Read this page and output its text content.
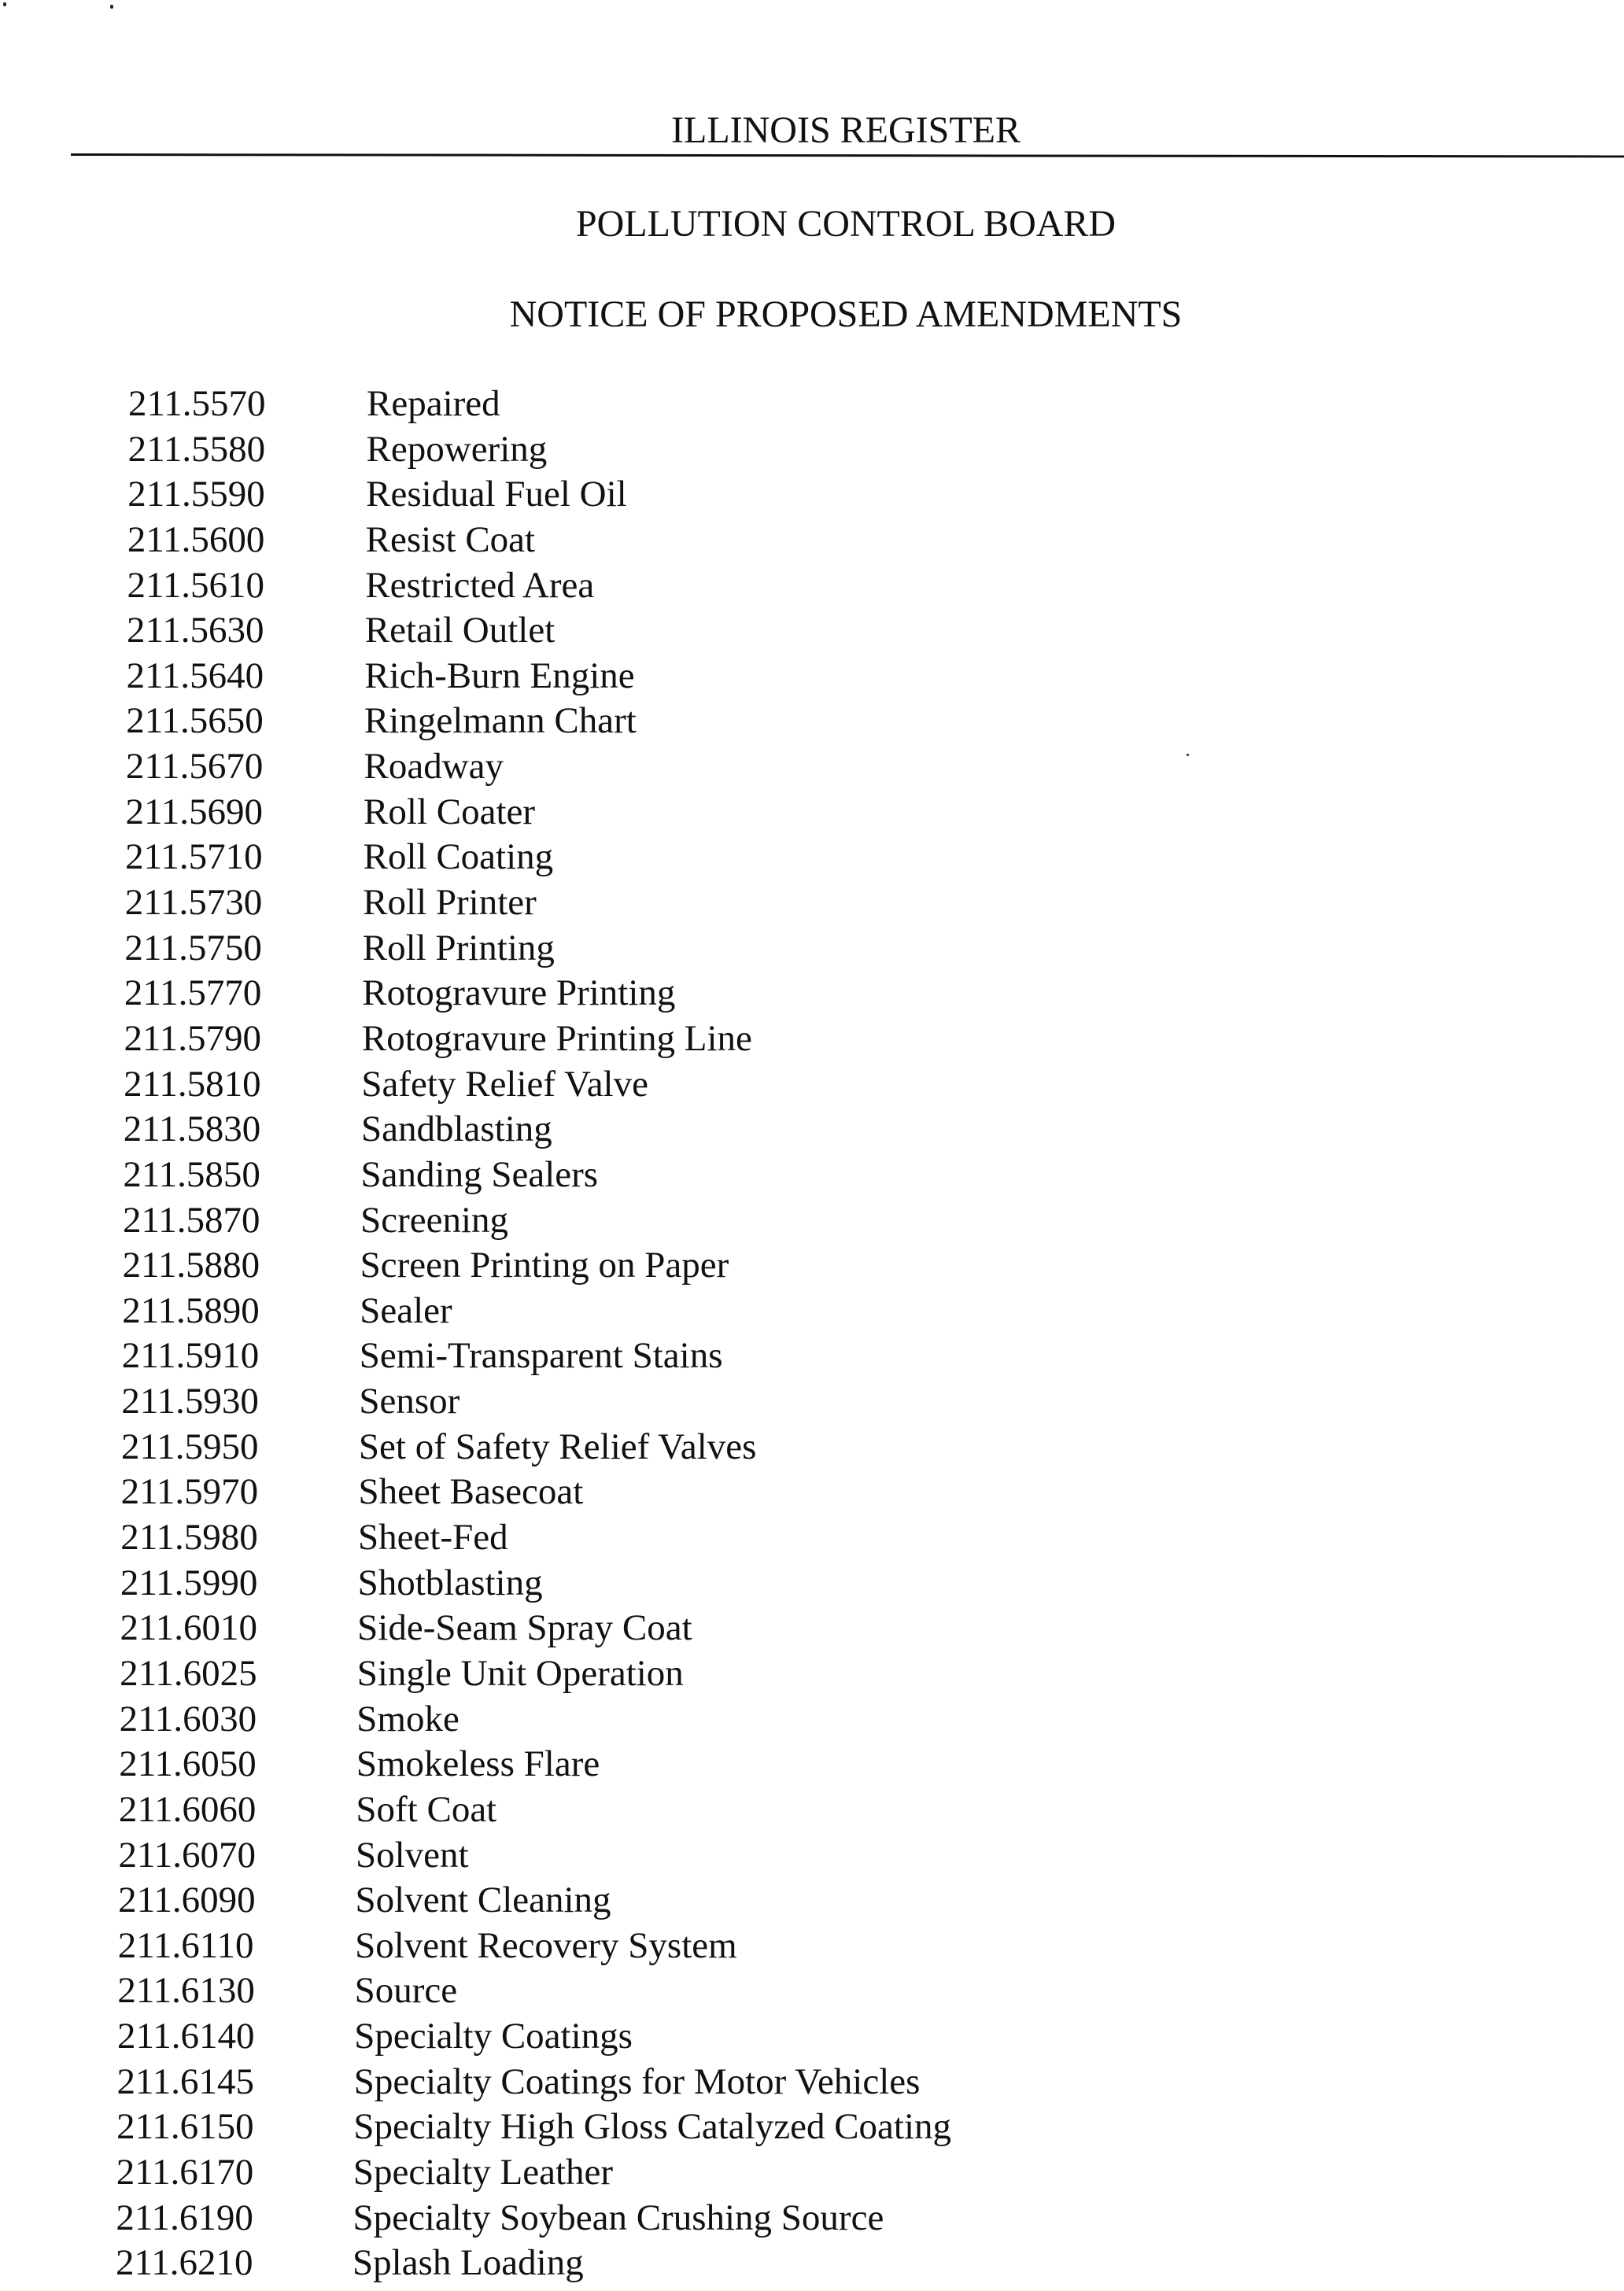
ILLINOIS REGISTER
POLLUTION CONTROL BOARD
NOTICE OF PROPOSED AMENDMENTS
211.5570	Repaired
211.5580	Repowering
211.5590	Residual Fuel Oil
211.5600	Resist Coat
211.5610	Restricted Area
211.5630	Retail Outlet
211.5640	Rich-Burn Engine
211.5650	Ringelmann Chart
211.5670	Roadway
211.5690	Roll Coater
211.5710	Roll Coating
211.5730	Roll Printer
211.5750	Roll Printing
211.5770	Rotogravure Printing
211.5790	Rotogravure Printing Line
211.5810	Safety Relief Valve
211.5830	Sandblasting
211.5850	Sanding Sealers
211.5870	Screening
211.5880	Screen Printing on Paper
211.5890	Sealer
211.5910	Semi-Transparent Stains
211.5930	Sensor
211.5950	Set of Safety Relief Valves
211.5970	Sheet Basecoat
211.5980	Sheet-Fed
211.5990	Shotblasting
211.6010	Side-Seam Spray Coat
211.6025	Single Unit Operation
211.6030	Smoke
211.6050	Smokeless Flare
211.6060	Soft Coat
211.6070	Solvent
211.6090	Solvent Cleaning
211.6110	Solvent Recovery System
211.6130	Source
211.6140	Specialty Coatings
211.6145	Specialty Coatings for Motor Vehicles
211.6150	Specialty High Gloss Catalyzed Coating
211.6170	Specialty Leather
211.6190	Specialty Soybean Crushing Source
211.6210	Splash Loading
